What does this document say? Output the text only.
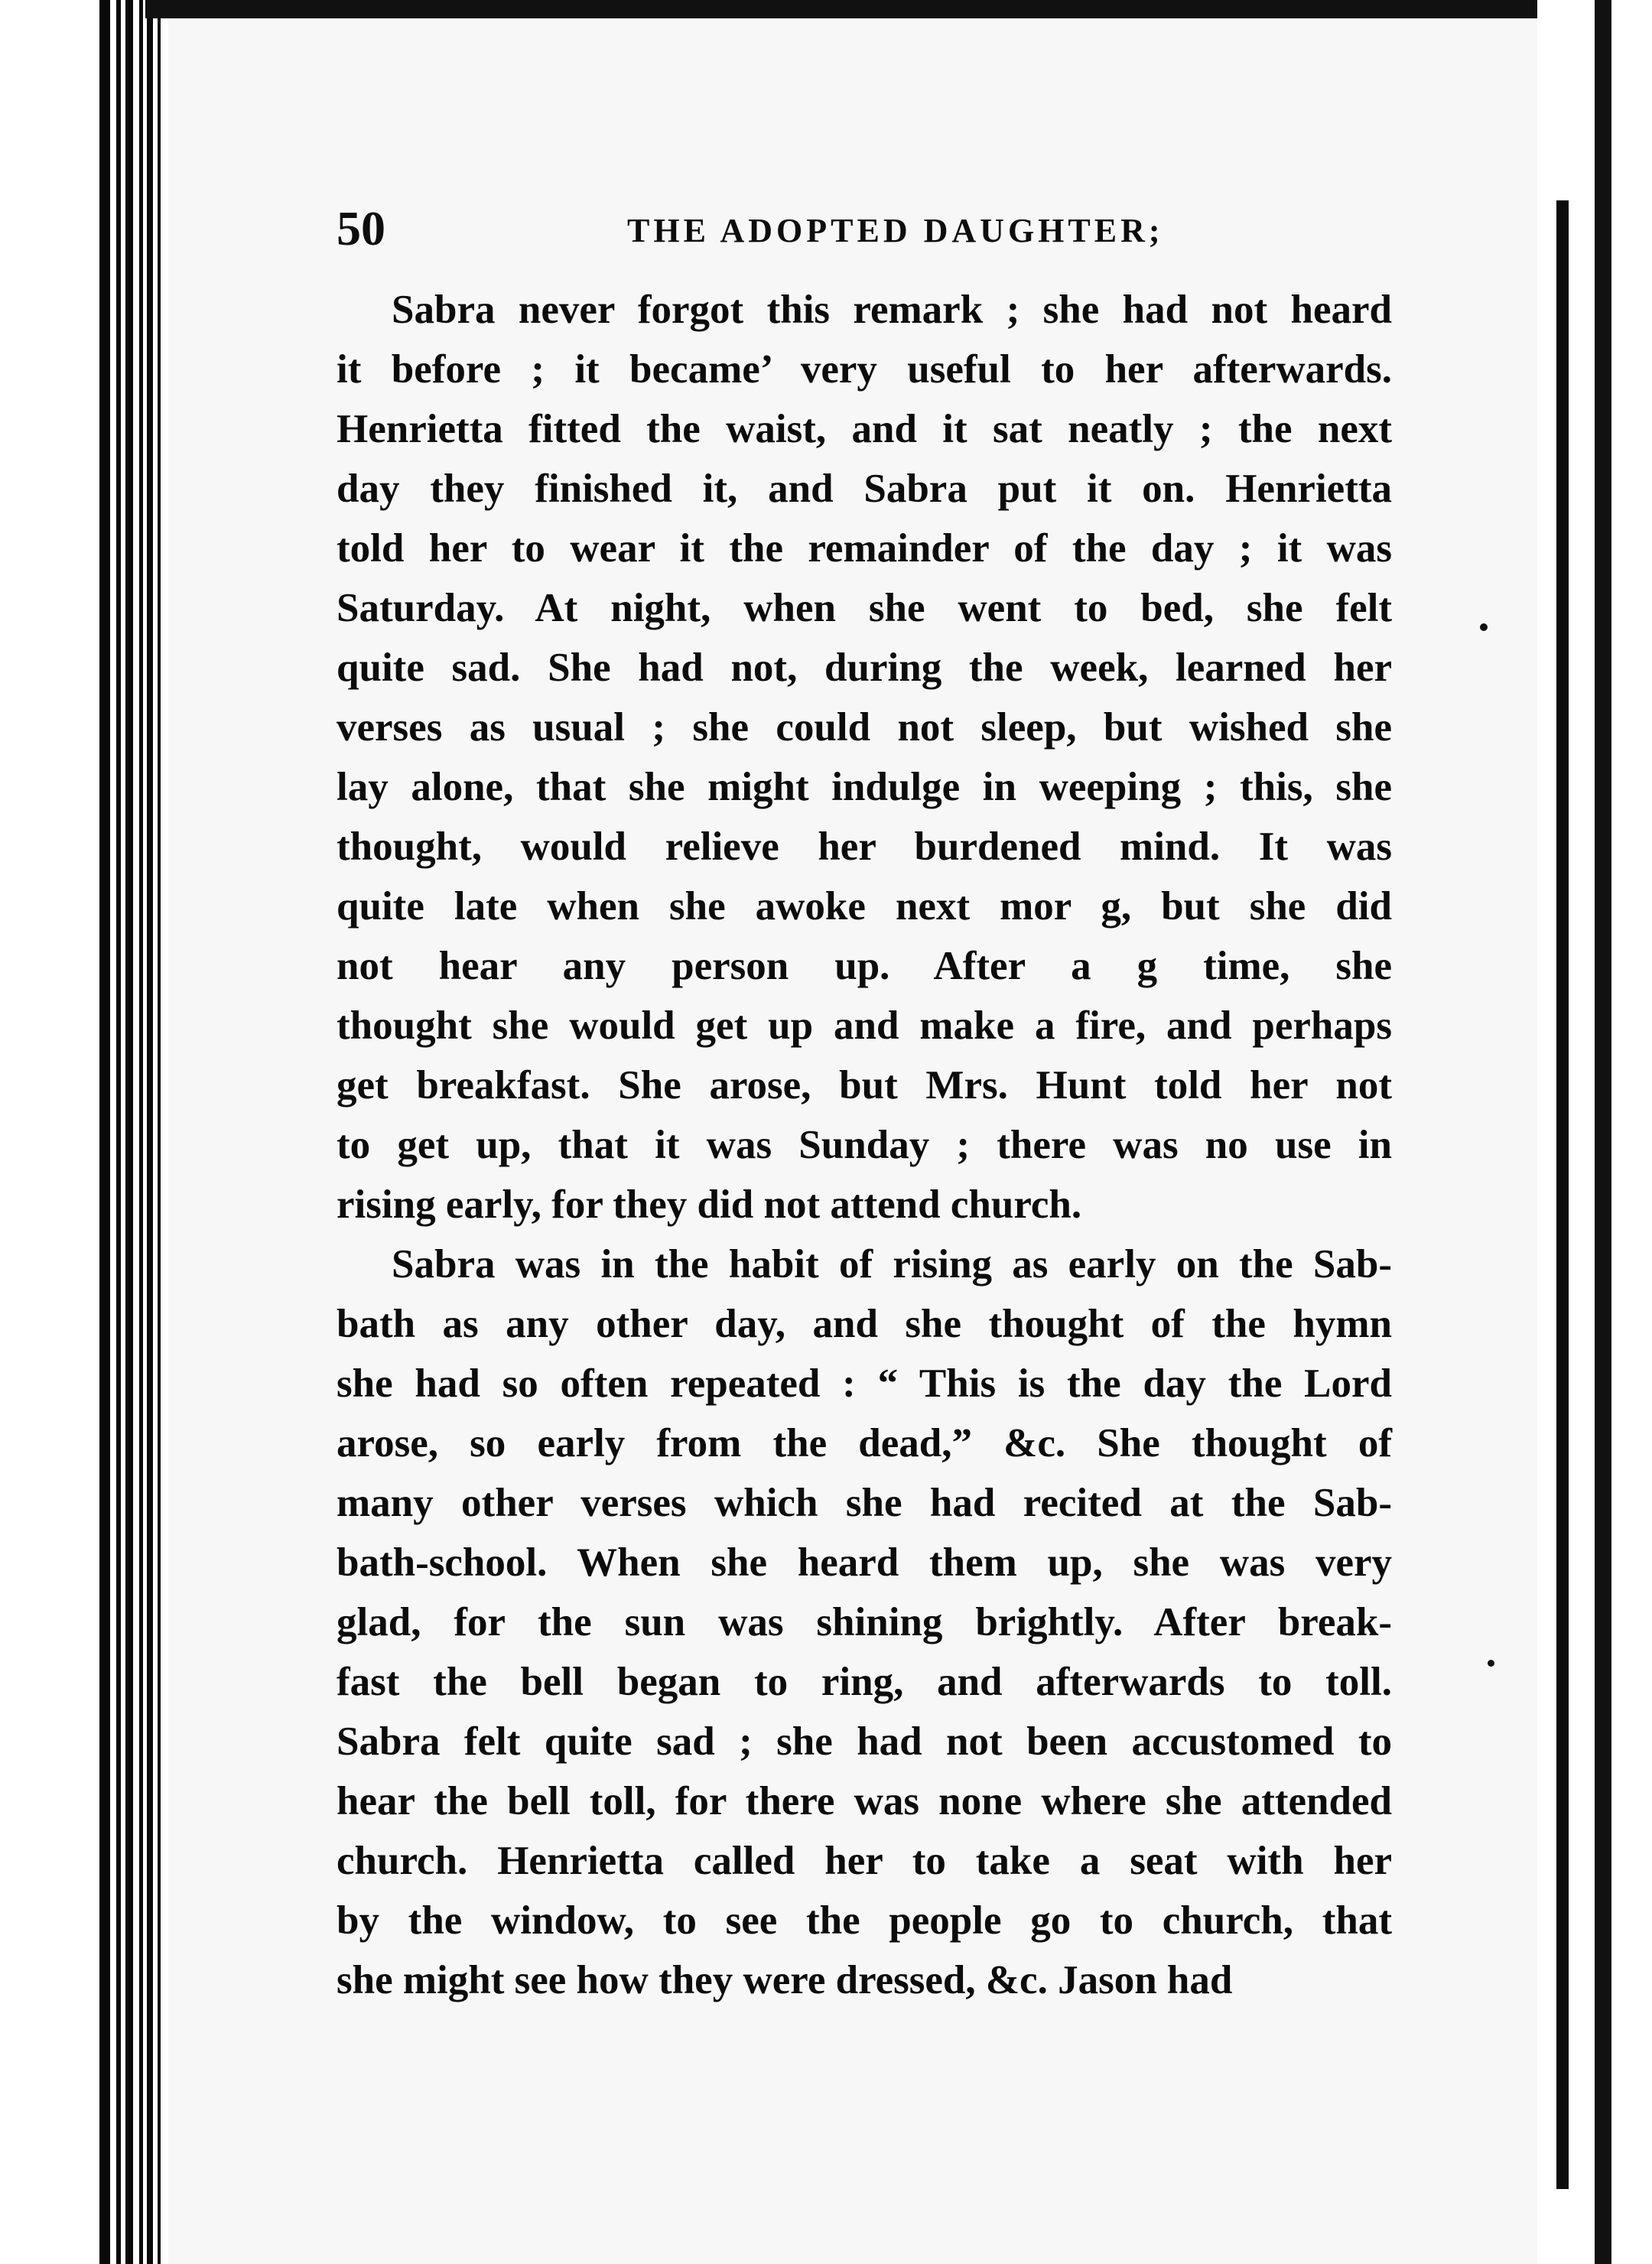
50	THE ADOPTED DAUGHTER;
Sabra never forgot this remark ; she had not heard
it before ; it became’ very useful to her afterwards.
Henrietta fitted the waist, and it sat neatly ; the next
day they finished it, and Sabra put it on. Henrietta
told her to wear it the remainder of the day ; it was
Saturday. At night, when she went to bed, she felt
quite sad. She had not, during the week, learned her
verses as usual ; she could not sleep, but wished she
lay alone, that she might indulge in weeping ; this, she
thought, would relieve her burdened mind. It was
quite late when she awoke next mor g, but she did
not hear any person up. After a g time, she
thought she would get up and make a fire, and perhaps
get breakfast. She arose, but Mrs. Hunt told her not
to get up, that it was Sunday ; there was no use in
rising early, for they did not attend church.
Sabra was in the habit of rising as early on the Sab-
bath as any other day, and she thought of the hymn
she had so often repeated : “ This is the day the Lord
arose, so early from the dead,” &c. She thought of
many other verses which she had recited at the Sab-
bath-school. When she heard them up, she was very
glad, for the sun was shining brightly. After break-
fast the bell began to ring, and afterwards to toll.
Sabra felt quite sad ; she had not been accustomed to
hear the bell toll, for there was none where she attended
church. Henrietta called her to take a seat with her
by the window, to see the people go to church, that
she might see how they were dressed, &c. Jason had
